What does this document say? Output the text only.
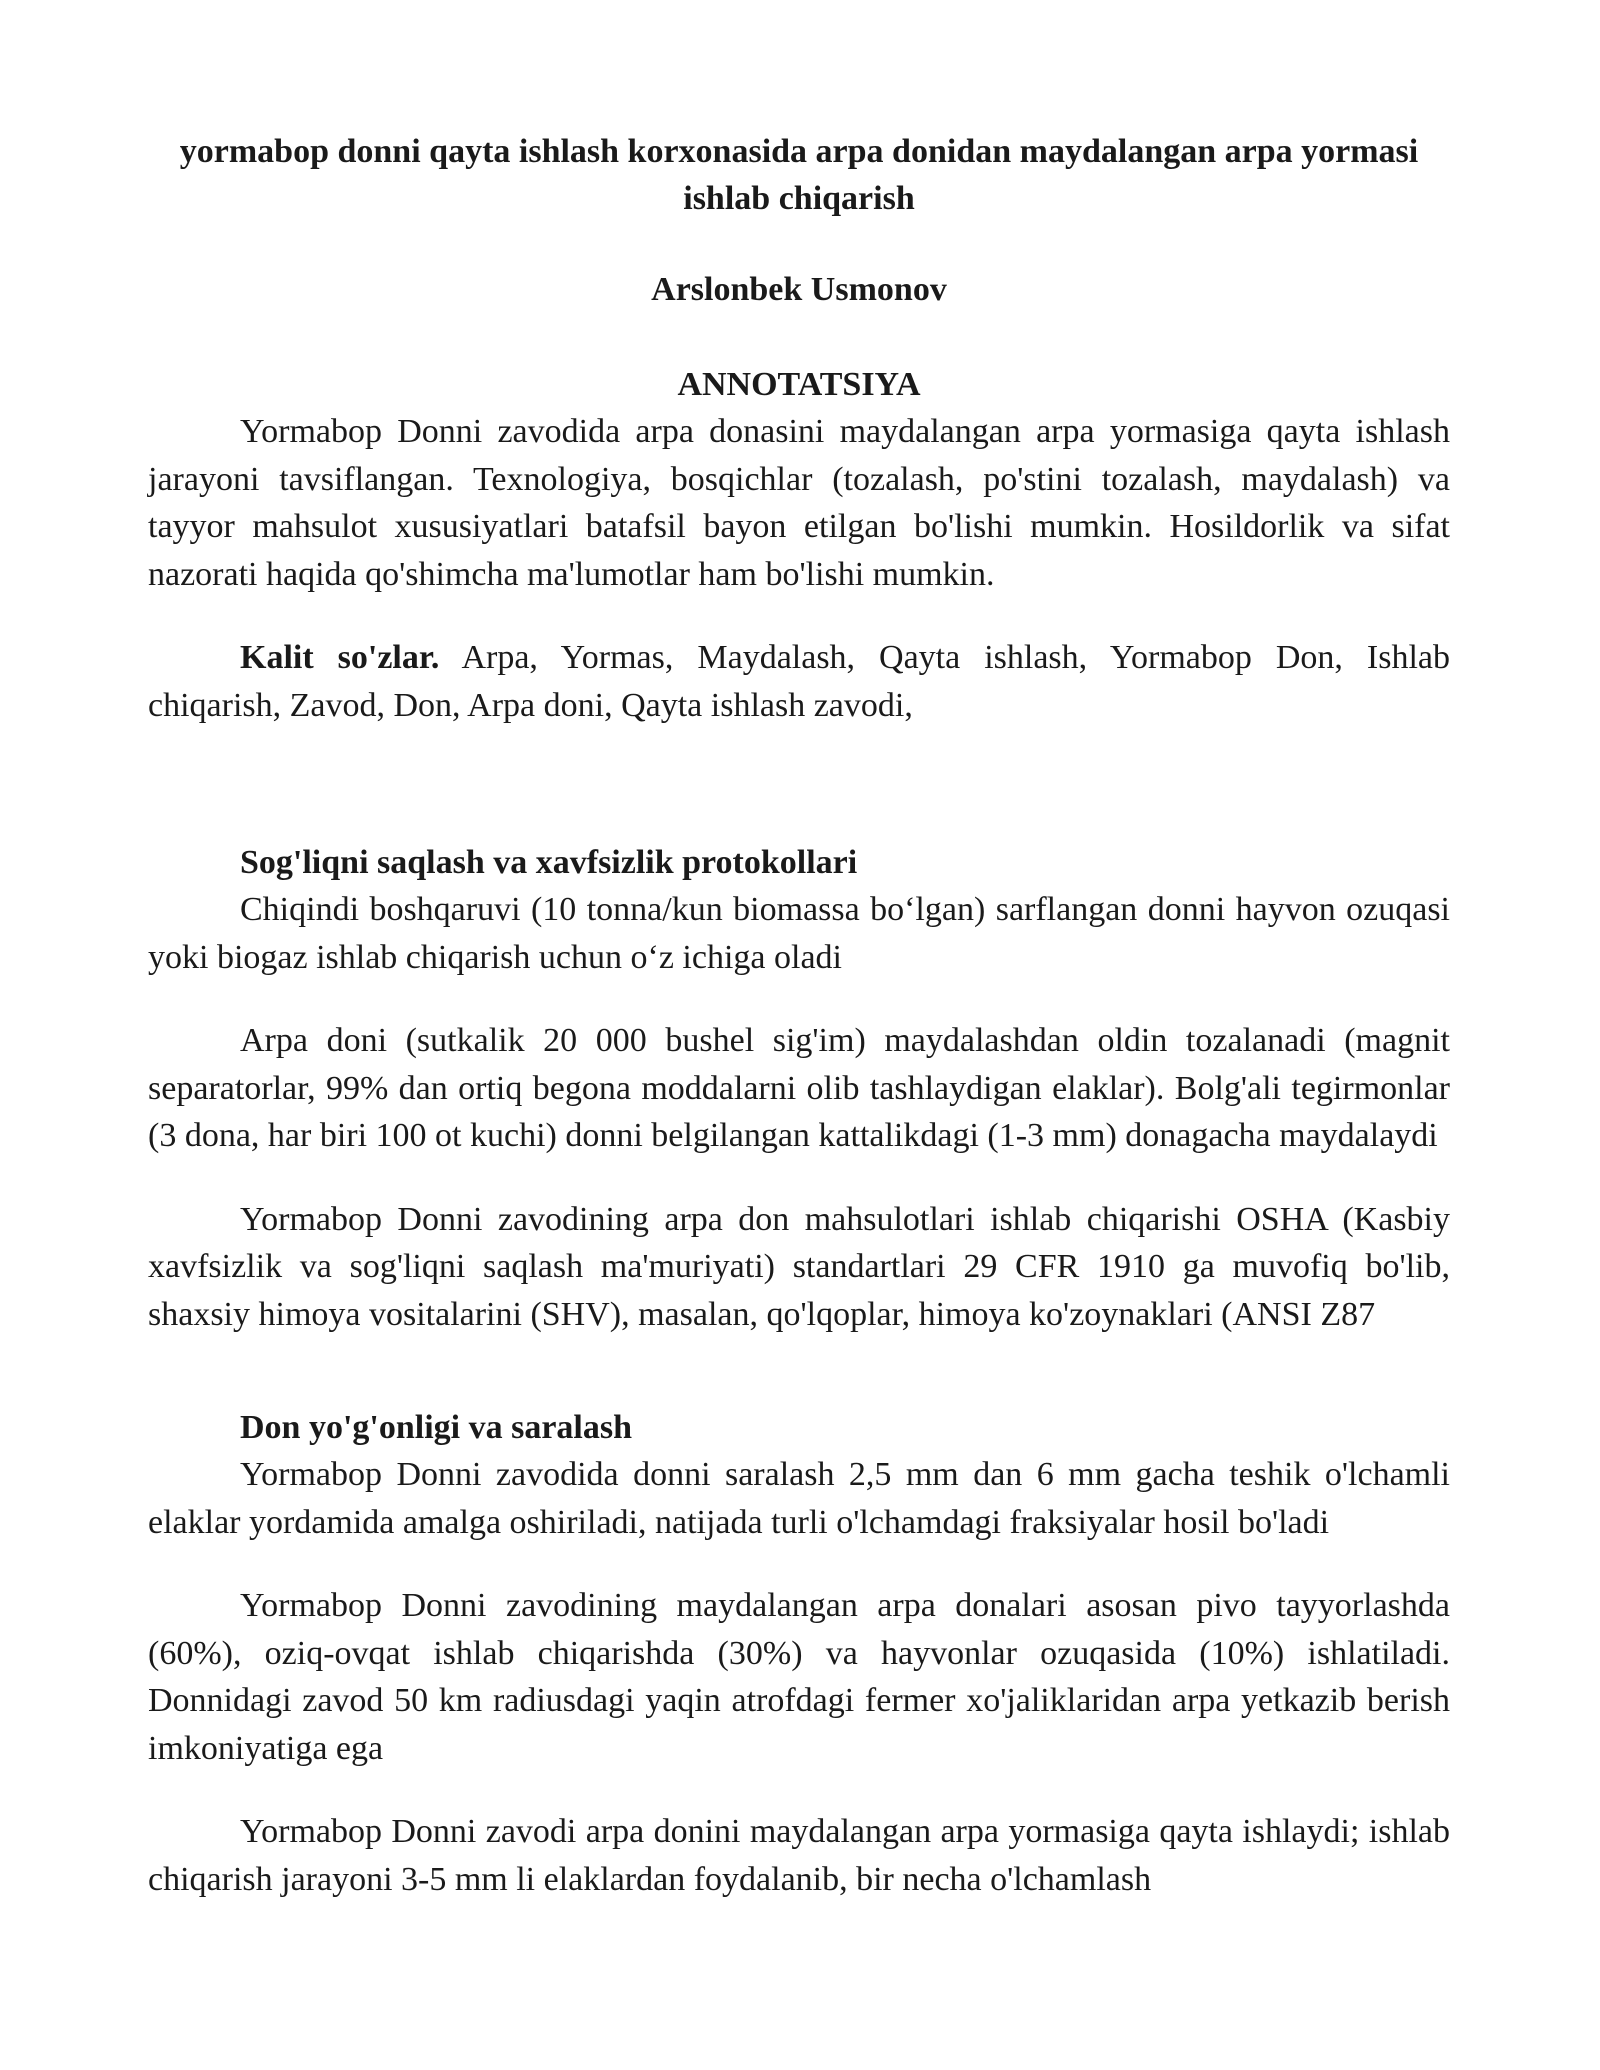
yormabop donni qayta ishlash korxonasida arpa donidan maydalangan arpa yormasi ishlab chiqarish
Arslonbek Usmonov
ANNOTATSIYA

Yormabop Donni zavodida arpa donasini maydalangan arpa yormasiga qayta ishlash jarayoni tavsiflangan. Texnologiya, bosqichlar (tozalash, po'stini tozalash, maydalash) va tayyor mahsulot xususiyatlari batafsil bayon etilgan bo'lishi mumkin. Hosildorlik va sifat nazorati haqida qo'shimcha ma'lumotlar ham bo'lishi mumkin.

Kalit so'zlar. Arpa, Yormas, Maydalash, Qayta ishlash, Yormabop Don, Ishlab chiqarish, Zavod, Don, Arpa doni, Qayta ishlash zavodi,

Sog'liqni saqlash va xavfsizlik protokollari

Chiqindi boshqaruvi (10 tonna/kun biomassa bo‘lgan) sarflangan donni hayvon ozuqasi yoki biogaz ishlab chiqarish uchun o‘z ichiga oladi

Arpa doni (sutkalik 20 000 bushel sig'im) maydalashdan oldin tozalanadi (magnit separatorlar, 99% dan ortiq begona moddalarni olib tashlaydigan elaklar). Bolg'ali tegirmonlar (3 dona, har biri 100 ot kuchi) donni belgilangan kattalikdagi (1-3 mm) donagacha maydalaydi

Yormabop Donni zavodining arpa don mahsulotlari ishlab chiqarishi OSHA (Kasbiy xavfsizlik va sog'liqni saqlash ma'muriyati) standartlari 29 CFR 1910 ga muvofiq bo'lib, shaxsiy himoya vositalarini (SHV), masalan, qo'lqoplar, himoya ko'zoynaklari (ANSI Z87

Don yo'g'onligi va saralash

Yormabop Donni zavodida donni saralash 2,5 mm dan 6 mm gacha teshik o'lchamli elaklar yordamida amalga oshiriladi, natijada turli o'lchamdagi fraksiyalar hosil bo'ladi

Yormabop Donni zavodining maydalangan arpa donalari asosan pivo tayyorlashda (60%), oziq-ovqat ishlab chiqarishda (30%) va hayvonlar ozuqasida (10%) ishlatiladi. Donnidagi zavod 50 km radiusdagi yaqin atrofdagi fermer xo'jaliklaridan arpa yetkazib berish imkoniyatiga ega

Yormabop Donni zavodi arpa donini maydalangan arpa yormasiga qayta ishlaydi; ishlab chiqarish jarayoni 3-5 mm li elaklardan foydalanib, bir necha o'lchamlash
